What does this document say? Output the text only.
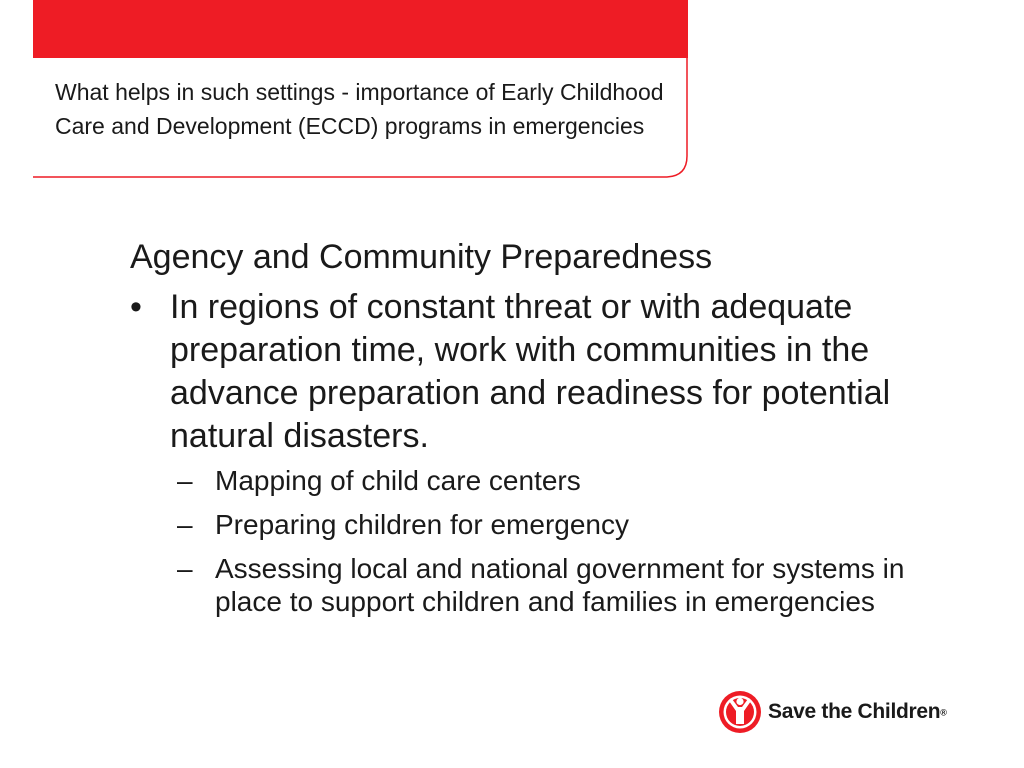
What helps in such settings - importance of Early Childhood Care and Development (ECCD) programs in emergencies
Agency and Community Preparedness
• In regions of constant threat or with adequate preparation time, work with communities in the advance preparation and readiness for potential natural disasters.
– Mapping of child care centers
– Preparing children for emergency
– Assessing local and national government for systems in place to support children and families in emergencies
Save the Children®
